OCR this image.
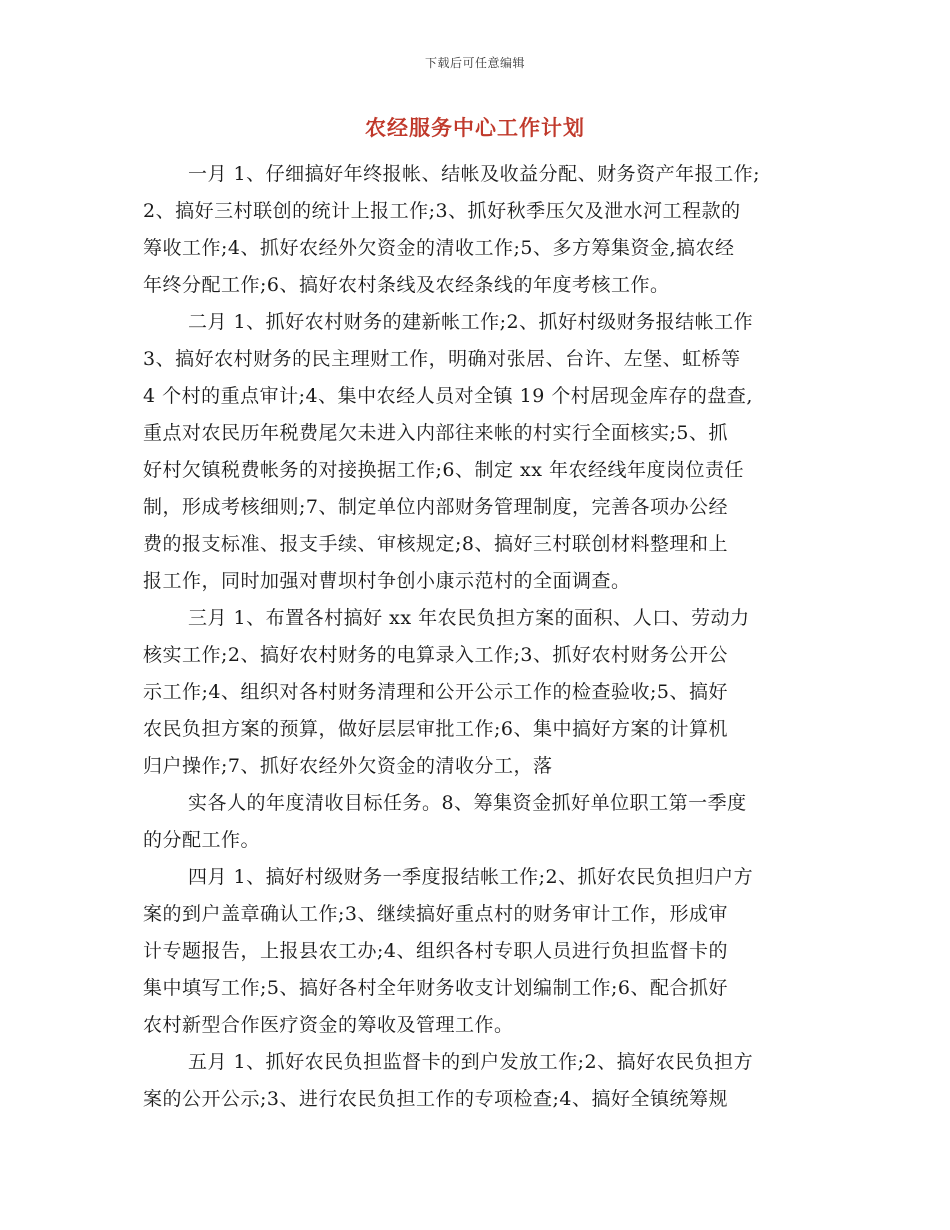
下载后可任意编辑
农经服务中心工作计划
一月 1、仔细搞好年终报帐、结帐及收益分配、财务资产年报工作;
2、搞好三村联创的统计上报工作;3、抓好秋季压欠及泄水河工程款的
筹收工作;4、抓好农经外欠资金的清收工作;5、多方筹集资金,搞农经
年终分配工作;6、搞好农村条线及农经条线的年度考核工作。
二月 1、抓好农村财务的建新帐工作;2、抓好村级财务报结帐工作
3、搞好农村财务的民主理财工作，明确对张居、台许、左堡、虹桥等
4 个村的重点审计;4、集中农经人员对全镇 19 个村居现金库存的盘查,
重点对农民历年税费尾欠未进入内部往来帐的村实行全面核实;5、抓
好村欠镇税费帐务的对接换据工作;6、制定 xx 年农经线年度岗位责任
制，形成考核细则;7、制定单位内部财务管理制度，完善各项办公经
费的报支标准、报支手续、审核规定;8、搞好三村联创材料整理和上
报工作，同时加强对曹坝村争创小康示范村的全面调查。
三月 1、布置各村搞好 xx 年农民负担方案的面积、人口、劳动力
核实工作;2、搞好农村财务的电算录入工作;3、抓好农村财务公开公
示工作;4、组织对各村财务清理和公开公示工作的检查验收;5、搞好
农民负担方案的预算，做好层层审批工作;6、集中搞好方案的计算机
归户操作;7、抓好农经外欠资金的清收分工，落
实各人的年度清收目标任务。8、筹集资金抓好单位职工第一季度
的分配工作。
四月 1、搞好村级财务一季度报结帐工作;2、抓好农民负担归户方
案的到户盖章确认工作;3、继续搞好重点村的财务审计工作，形成审
计专题报告，上报县农工办;4、组织各村专职人员进行负担监督卡的
集中填写工作;5、搞好各村全年财务收支计划编制工作;6、配合抓好
农村新型合作医疗资金的筹收及管理工作。
五月 1、抓好农民负担监督卡的到户发放工作;2、搞好农民负担方
案的公开公示;3、进行农民负担工作的专项检查;4、搞好全镇统筹规
